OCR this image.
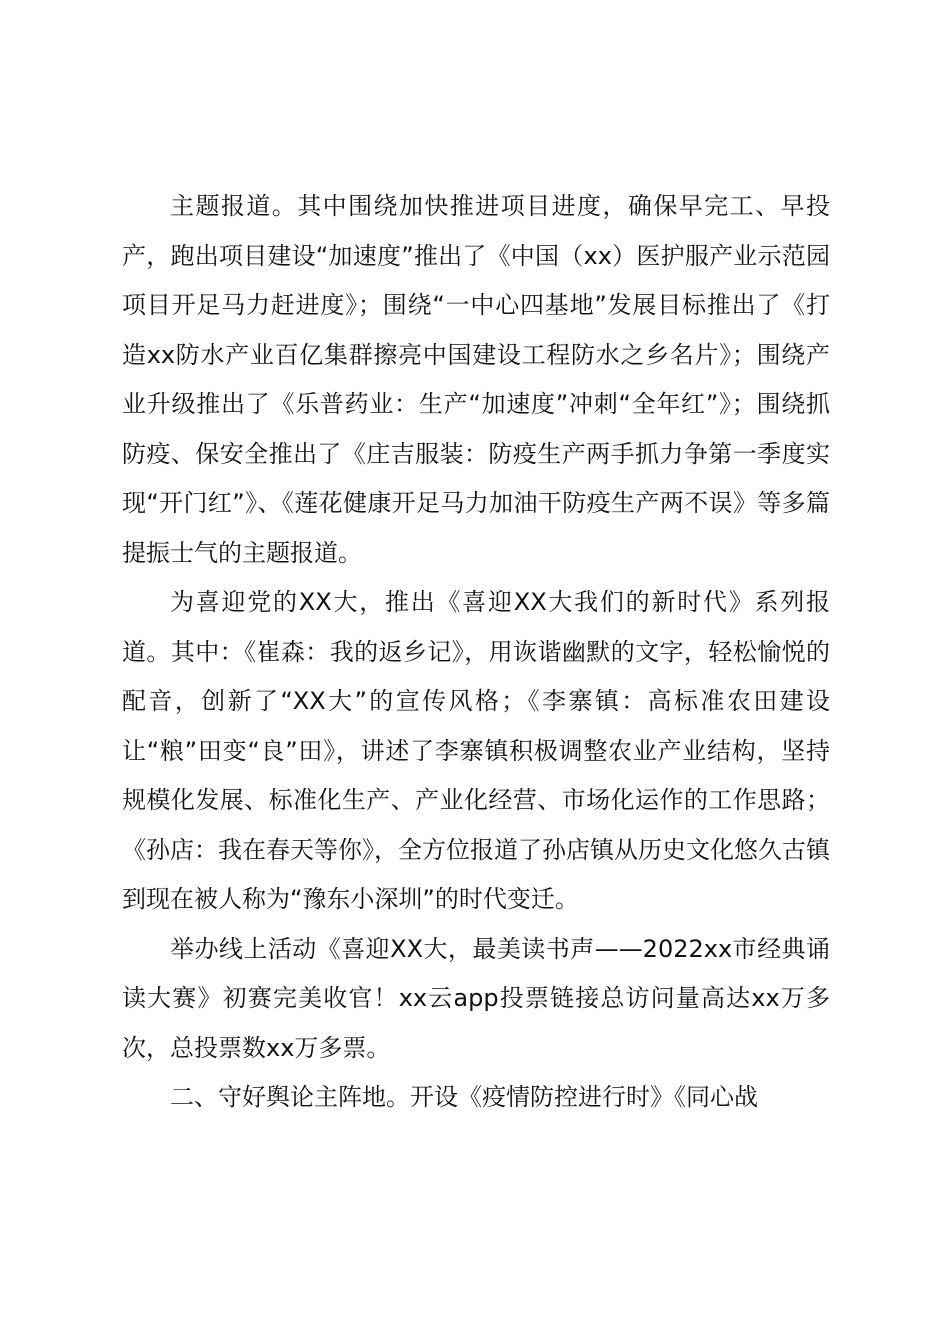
主题报道。其中围绕加快推进项目进度，确保早完工、早投产，跑出项目建设“加速度”推出了《中国（xx）医护服产业示范园项目开足马力赶进度》；围绕“一中心四基地”发展目标推出了《打造xx防水产业百亿集群擦亮中国建设工程防水之乡名片》；围绕产业升级推出了《乐普药业：生产“加速度”冲刺“全年红”》；围绕抓防疫、保安全推出了《庄吉服装：防疫生产两手抓力争第一季度实现“开门红”》、《莲花健康开足马力加油干防疫生产两不误》等多篇提振士气的主题报道。

为喜迎党的XX大，推出《喜迎XX大我们的新时代》系列报道。其中：《崔森：我的返乡记》，用诙谐幽默的文字，轻松愉悦的配音，创新了“XX大”的宣传风格；《李寨镇：高标准农田建设让“粮”田变“良”田》，讲述了李寨镇积极调整农业产业结构，坚持规模化发展、标准化生产、产业化经营、市场化运作的工作思路；《孙店：我在春天等你》，全方位报道了孙店镇从历史文化悠久古镇到现在被人称为“豫东小深圳”的时代变迁。

举办线上活动《喜迎XX大，最美读书声——2022xx市经典诵读大赛》初赛完美收官！xx云app投票链接总访问量高达xx万多次，总投票数xx万多票。

二、守好舆论主阵地。开设《疫情防控进行时》《同心战
